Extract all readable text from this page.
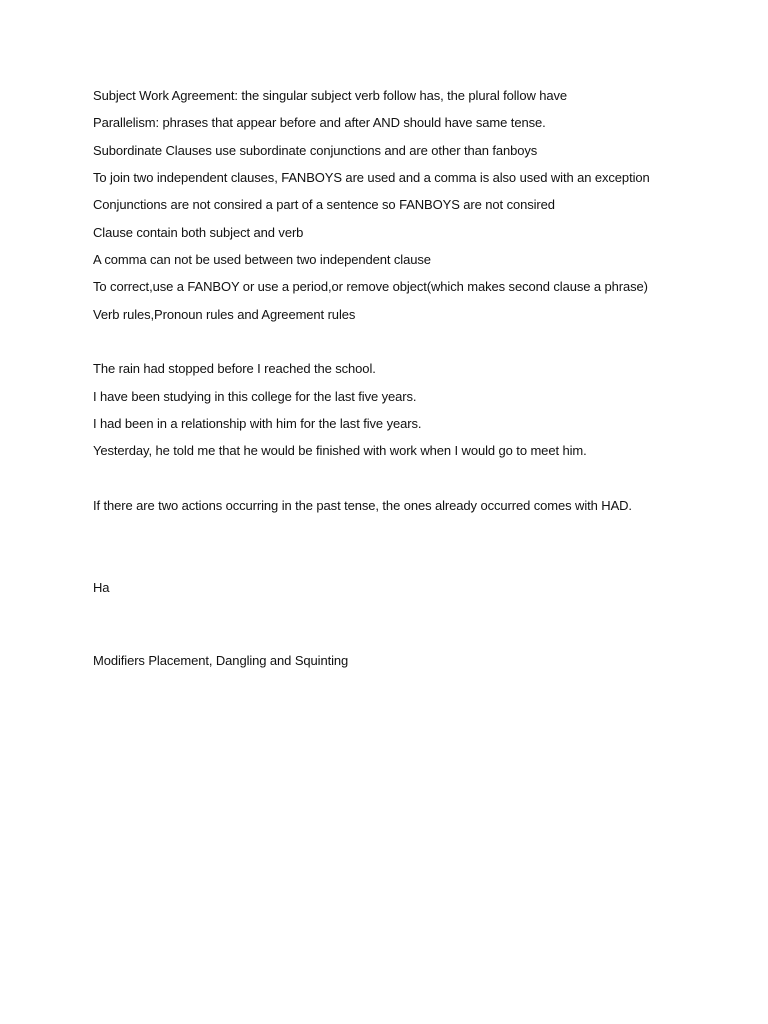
Subject Work Agreement: the singular subject verb follow has, the plural follow have
Parallelism: phrases that appear before and after AND should have same tense.
Subordinate Clauses use subordinate conjunctions and are other than fanboys
To join two independent clauses, FANBOYS are used and a comma is also used with an exception
Conjunctions are not consired a part of a sentence so FANBOYS are not consired
Clause contain both subject and verb
A comma can not be used between two independent clause
To correct,use a FANBOY or use a period,or remove object(which makes second clause a phrase)
Verb rules,Pronoun rules and Agreement rules
The rain had stopped before I reached the school.
I have been studying in this college for the last five years.
I had been in a relationship with him for the last five years.
Yesterday, he told me that he would be finished with work when I would go to meet him.
If there are two actions occurring in the past tense, the ones already occurred comes with HAD.
Ha
Modifiers Placement, Dangling and Squinting
